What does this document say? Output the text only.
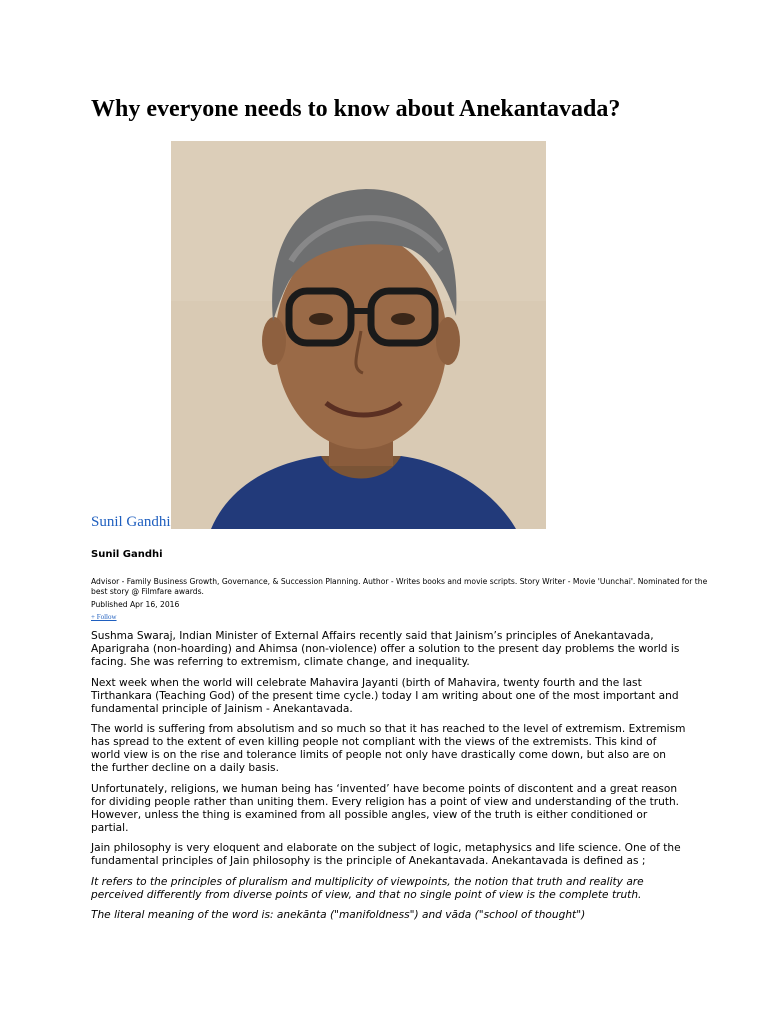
Why everyone needs to know about Anekantavada?
Sunil Gandhi
Sunil Gandhi
Advisor - Family Business Growth, Governance, & Succession Planning. Author - Writes books and movie scripts. Story Writer - Movie 'Uunchai'. Nominated for the best story @ Filmfare awards.
Published Apr 16, 2016
+ Follow

Sushma Swaraj, Indian Minister of External Affairs recently said that Jainism’s principles of Anekantavada, Aparigraha (non-hoarding) and Ahimsa (non-violence) offer a solution to the present day problems the world is facing. She was referring to extremism, climate change, and inequality.

Next week when the world will celebrate Mahavira Jayanti (birth of Mahavira, twenty fourth and the last Tirthankara (Teaching God) of the present time cycle.) today I am writing about one of the most important and fundamental principle of Jainism - Anekantavada.

The world is suffering from absolutism and so much so that it has reached to the level of extremism. Extremism has spread to the extent of even killing people not compliant with the views of the extremists. This kind of world view is on the rise and tolerance limits of people not only have drastically come down, but also are on the further decline on a daily basis.

Unfortunately, religions, we human being has ‘invented’ have become points of discontent and a great reason for dividing people rather than uniting them. Every religion has a point of view and understanding of the truth. However, unless the thing is examined from all possible angles, view of the truth is either conditioned or partial.

Jain philosophy is very eloquent and elaborate on the subject of logic, metaphysics and life science. One of the fundamental principles of Jain philosophy is the principle of Anekantavada. Anekantavada is defined as ;

It refers to the principles of pluralism and multiplicity of viewpoints, the notion that truth and reality are perceived differently from diverse points of view, and that no single point of view is the complete truth.

The literal meaning of the word is: anekānta ("manifoldness") and vāda ("school of thought")
